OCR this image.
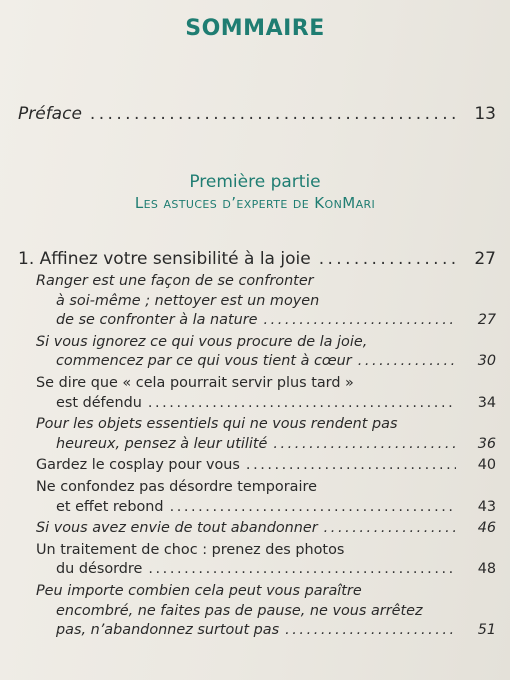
SOMMAIRE
Préface . . .	13
Première partie
Les astuces d’experte de KonMari
1. Affinez votre sensibilité à la joie . . .	27
Ranger est une façon de se confronter
à soi-même ; nettoyer est un moyen
de se confronter à la nature . . .	27
Si vous ignorez ce qui vous procure de la joie,
commencez par ce qui vous tient à cœur . . .	30
Se dire que « cela pourrait servir plus tard »
est défendu . . .	34
Pour les objets essentiels qui ne vous rendent pas
heureux, pensez à leur utilité . . .	36
Gardez le cosplay pour vous . . .	40
Ne confondez pas désordre temporaire
et effet rebond . . .	43
Si vous avez envie de tout abandonner . . .	46
Un traitement de choc : prenez des photos
du désordre . . .	48
Peu importe combien cela peut vous paraître
encombré, ne faites pas de pause, ne vous arrêtez
pas, n’abandonnez surtout pas . . .	51
